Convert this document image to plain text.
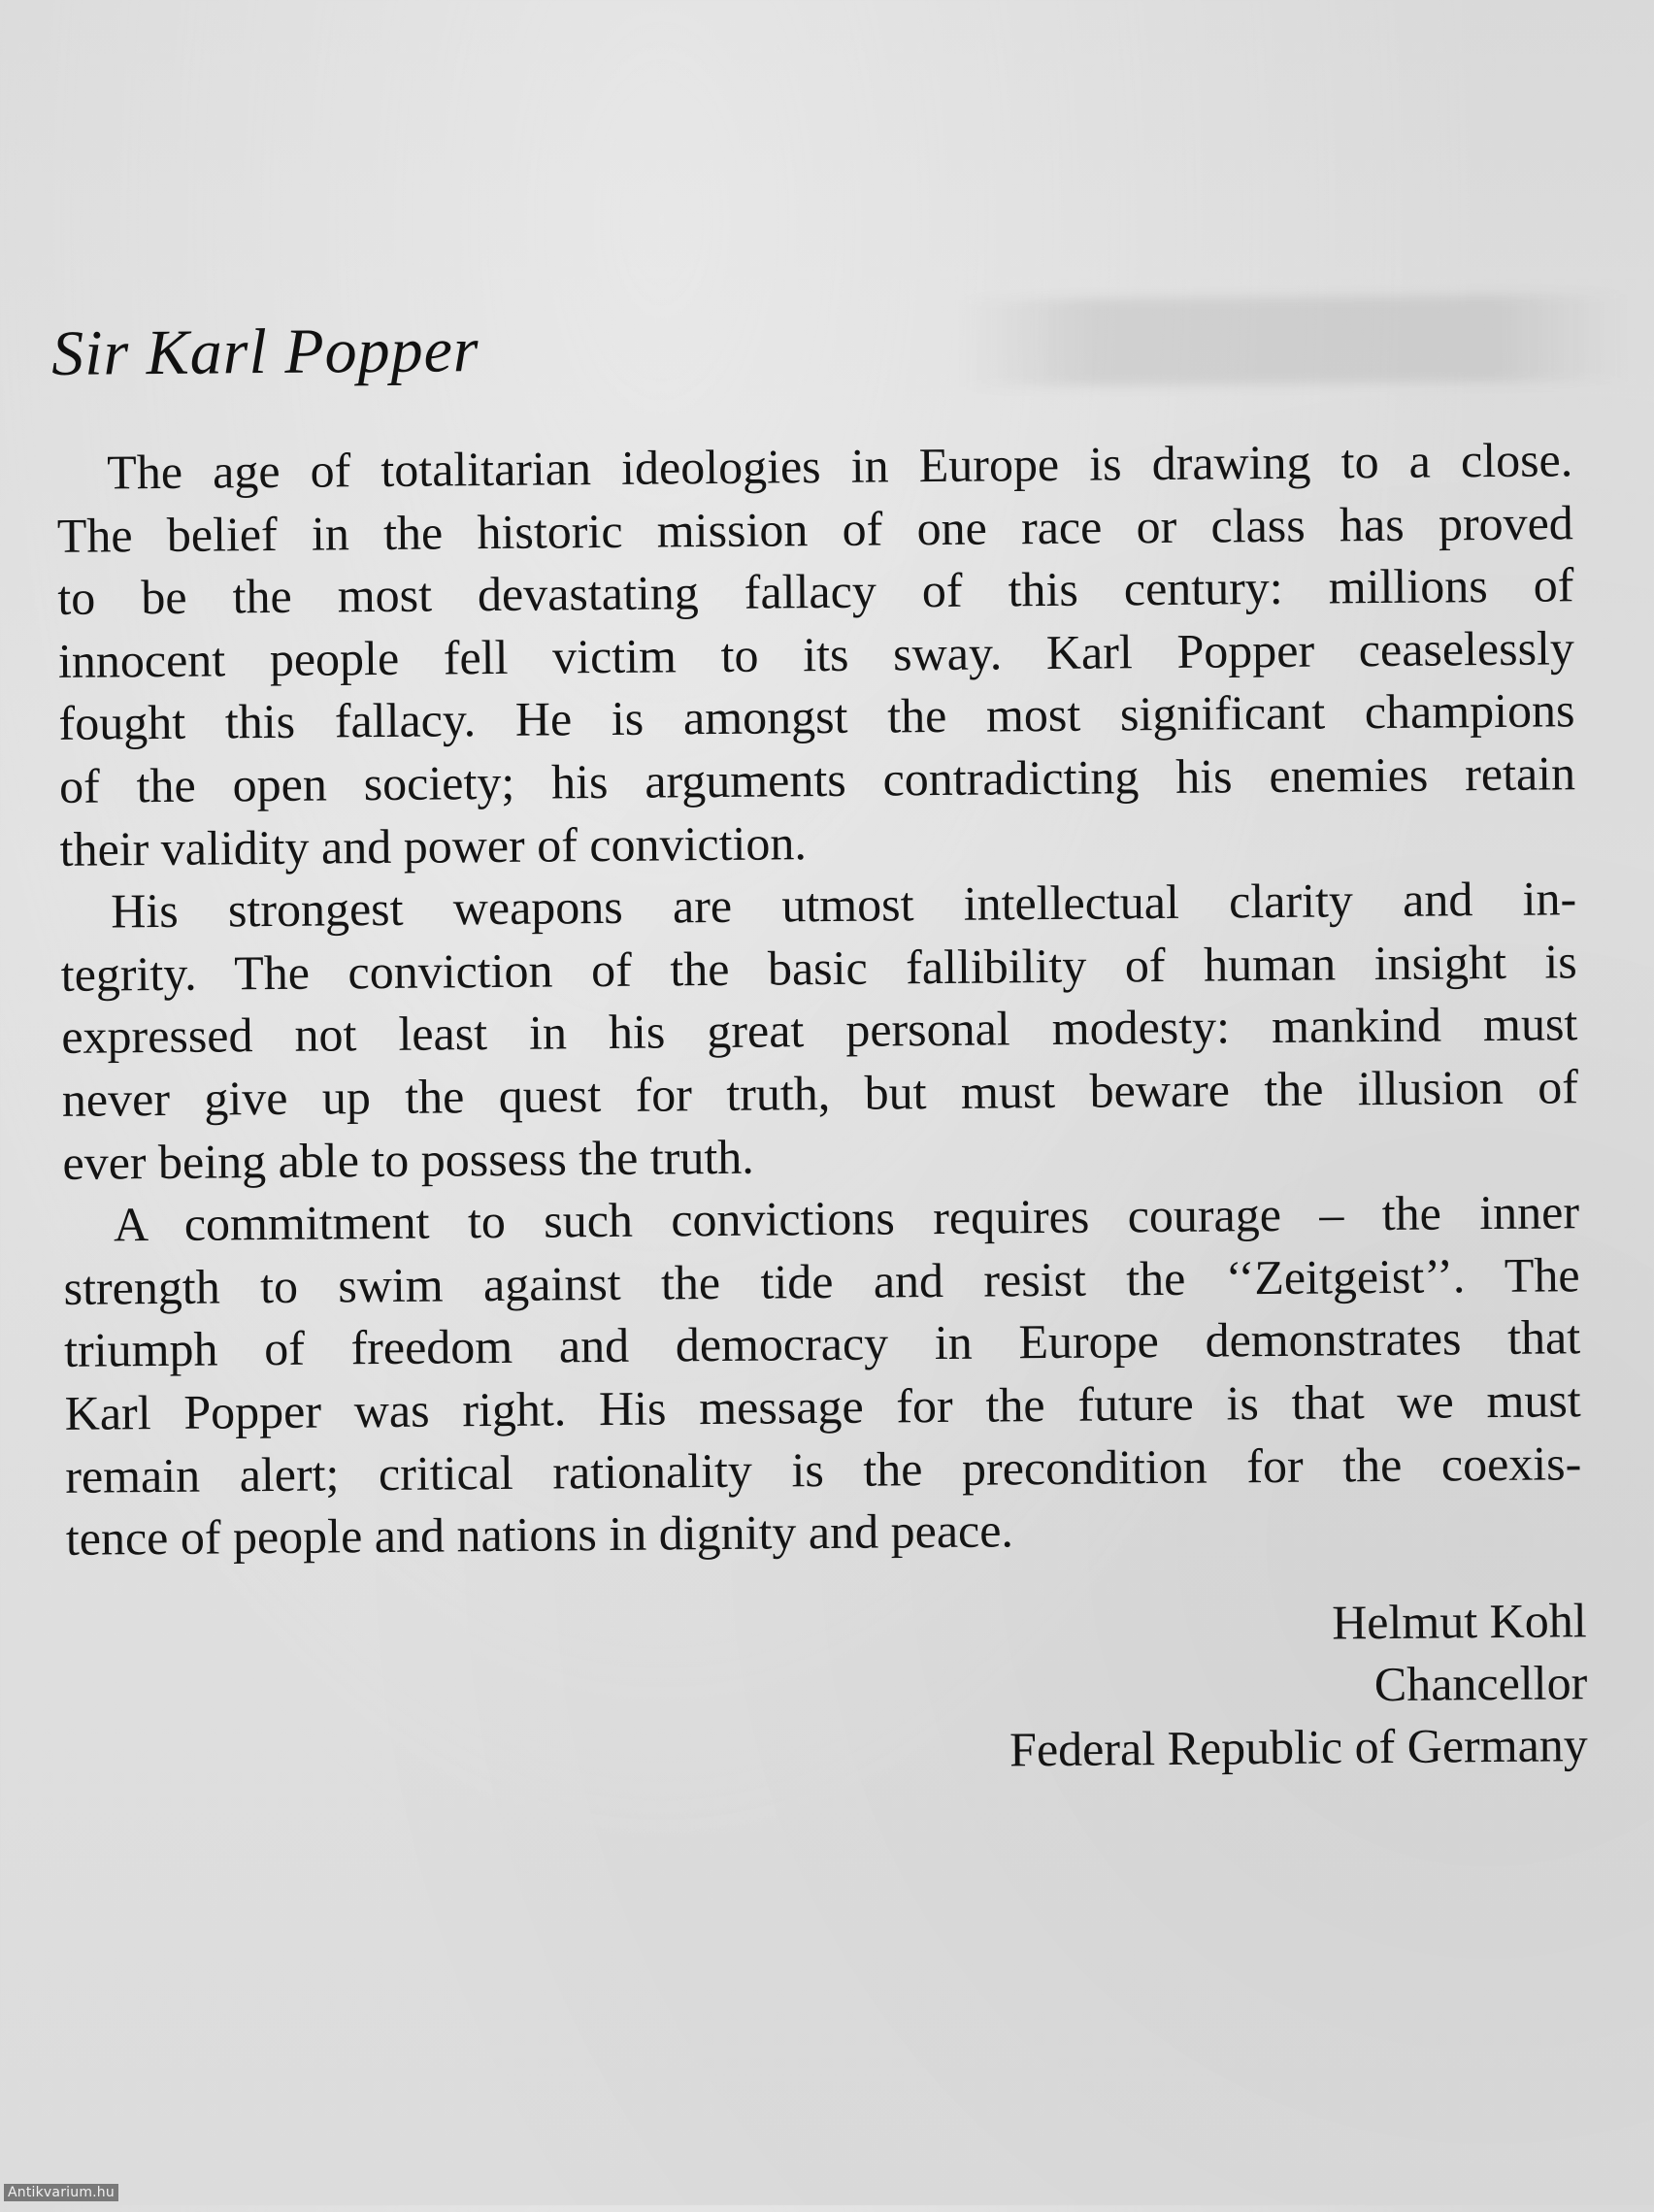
Sir Karl Popper

The age of totalitarian ideologies in Europe is drawing to a close.
The belief in the historic mission of one race or class has proved
to be the most devastating fallacy of this century: millions of
innocent people fell victim to its sway. Karl Popper ceaselessly
fought this fallacy. He is amongst the most significant champions
of the open society; his arguments contradicting his enemies retain
their validity and power of conviction.

His strongest weapons are utmost intellectual clarity and in-
tegrity. The conviction of the basic fallibility of human insight is
expressed not least in his great personal modesty: mankind must
never give up the quest for truth, but must beware the illusion of
ever being able to possess the truth.

A commitment to such convictions requires courage – the inner
strength to swim against the tide and resist the ‘‘Zeitgeist’’. The
triumph of freedom and democracy in Europe demonstrates that
Karl Popper was right. His message for the future is that we must
remain alert; critical rationality is the precondition for the coexis-
tence of people and nations in dignity and peace.

Helmut Kohl
Chancellor
Federal Republic of Germany
Antikvarium.hu
